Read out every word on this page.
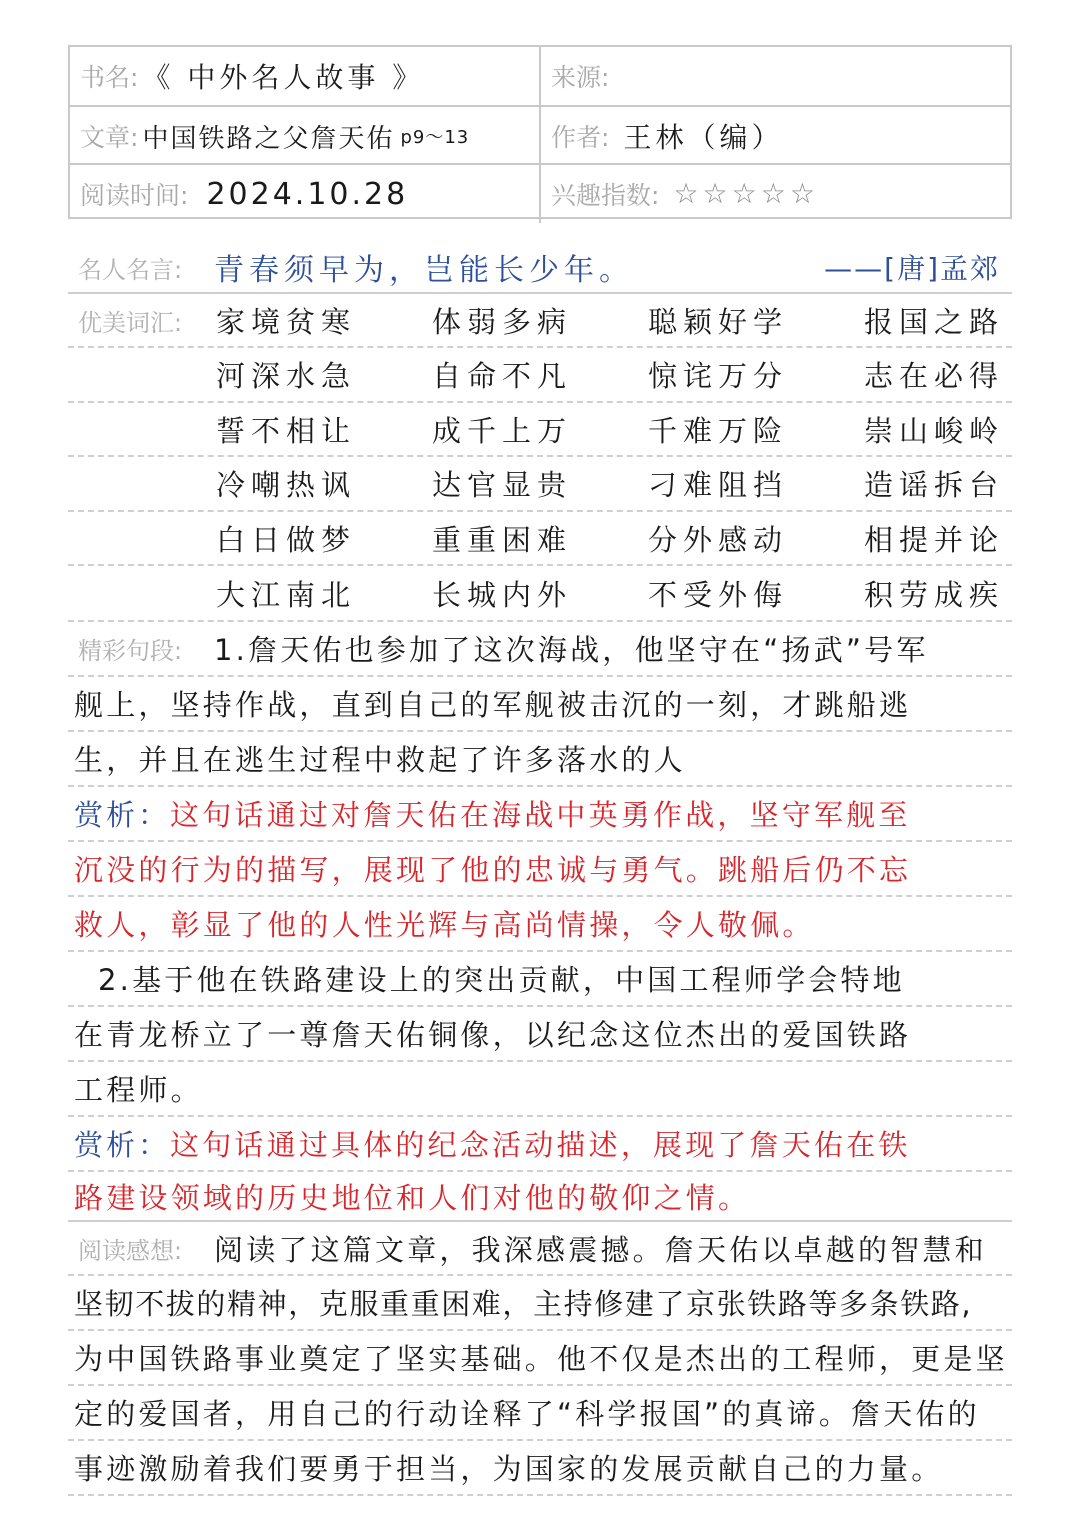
书名: 《 中外名人故事 》	来源:
文章: 中国铁路之父詹天佑 p9～13	作者: 王林（编）
阅读时间: 2024.10.28	兴趣指数: ☆ ☆ ☆ ☆ ☆
名人名言:	青春须早为，岂能长少年。	——[唐]孟郊
优美词汇:	家境贫寒	体弱多病	聪颖好学	报国之路
河深水急	自命不凡	惊诧万分	志在必得
誓不相让	成千上万	千难万险	崇山峻岭
冷嘲热讽	达官显贵	刁难阻挡	造谣拆台
白日做梦	重重困难	分外感动	相提并论
大江南北	长城内外	不受外侮	积劳成疾
精彩句段:	1.詹天佑也参加了这次海战，他坚守在“扬武”号军
舰上，坚持作战，直到自己的军舰被击沉的一刻，才跳船逃
生，并且在逃生过程中救起了许多落水的人
赏析： 这句话通过对詹天佑在海战中英勇作战，坚守军舰至
沉没的行为的描写，展现了他的忠诚与勇气。跳船后仍不忘
救人，彰显了他的人性光辉与高尚情操，令人敬佩。
2.基于他在铁路建设上的突出贡献，中国工程师学会特地
在青龙桥立了一尊詹天佑铜像，以纪念这位杰出的爱国铁路
工程师。
赏析： 这句话通过具体的纪念活动描述，展现了詹天佑在铁
路建设领域的历史地位和人们对他的敬仰之情。
阅读感想:	阅读了这篇文章，我深感震撼。詹天佑以卓越的智慧和
坚韧不拔的精神，克服重重困难，主持修建了京张铁路等多条铁路,
为中国铁路事业奠定了坚实基础。他不仅是杰出的工程师，更是坚
定的爱国者，用自己的行动诠释了“科学报国”的真谛。詹天佑的
事迹激励着我们要勇于担当，为国家的发展贡献自己的力量。
